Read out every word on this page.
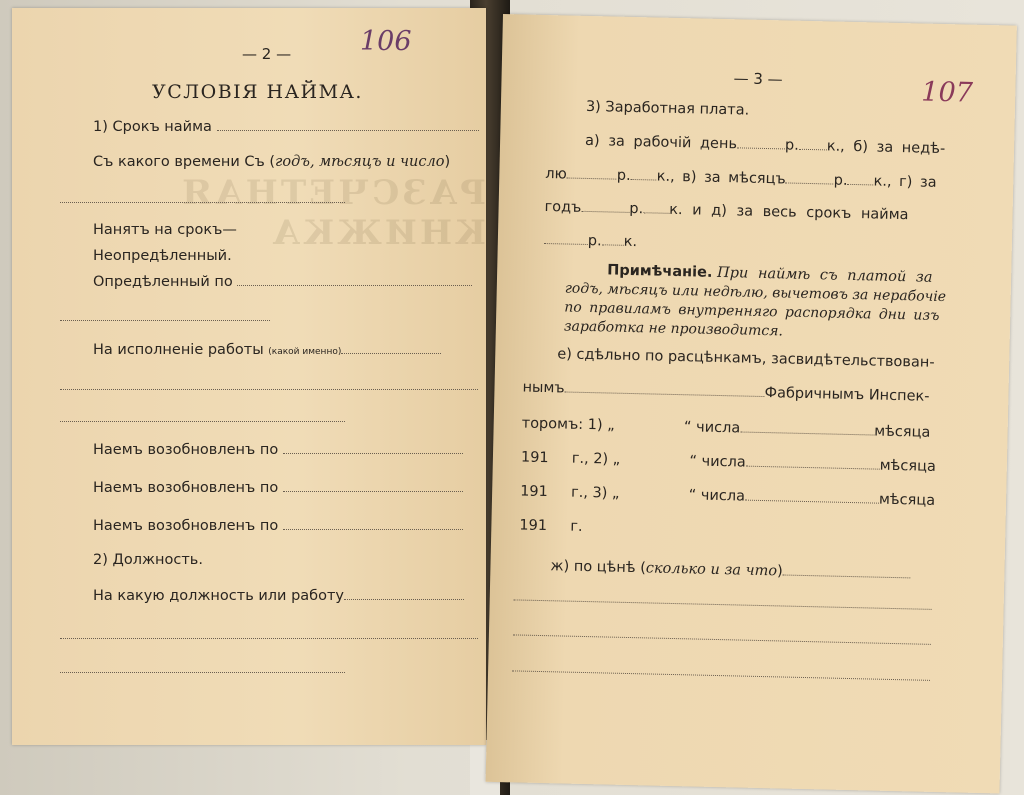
РАЗСЧЕТНАЯ КНИЖКА
— 2 —	106
УСЛОВІЯ НАЙМА.
1) Срокъ найма
Съ какого времени Съ (годъ, мѣсяцъ и число)
Нанятъ на срокъ—
Неопредѣленный.
Опредѣленный по
На исполненіе работы (какой именно)
Наемъ возобновленъ по
Наемъ возобновленъ по
Наемъ возобновленъ по
2) Должность.
На какую должность или работу
— 3 —	107
3) Заработная плата.
а) за рабочій день	р. к., б) за недѣ-
лю	р. к., в) за мѣсяцъ	р. к., г) за
годъ	р. к. и д) за весь срокъ найма
р. к.
Примѣчаніе. При наймѣ съ платой за
годъ, мѣсяцъ или недѣлю, вычетовъ за нерабочіе
по правиламъ внутренняго распорядка дни изъ
заработка не производится.
е) сдѣльно по расцѣнкамъ, засвидѣтельствован-
нымъ	Фабричнымъ Инспек-
торомъ: 1) „	“ числа	мѣсяца
191 г., 2) „	“ числа	мѣсяца
191 г., 3) „	“ числа	мѣсяца
191 г.
ж) по цѣнѣ (сколько и за что)
